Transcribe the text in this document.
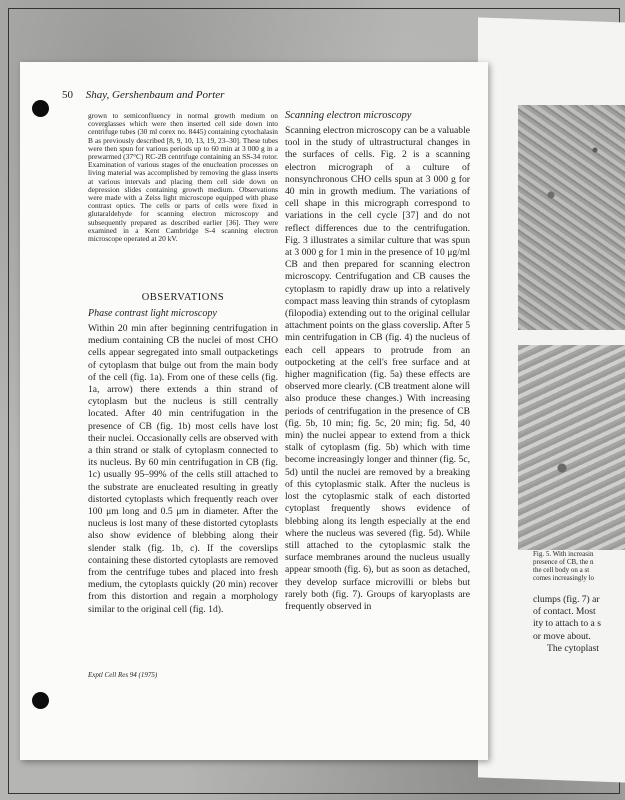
Fig. 5. With increasin
presence of CB, the n
the cell body on a st
comes increasingly lo
clumps (fig. 7) ar
of contact. Most
ity to attach to a s
or move about.
The cytoplast
50 Shay, Gershenbaum and Porter
grown to semiconfluency in normal growth medium on coverglasses which were then inserted cell side down into centrifuge tubes (30 ml corex no. 8445) containing cytochalasin B as previously described [8, 9, 10, 13, 19, 23–30]. These tubes were then spun for various periods up to 60 min at 3 000 g in a prewarmed (37°C) RC-2B centrifuge containing an SS-34 rotor. Examination of various stages of the enucleation processes on living material was accomplished by removing the glass inserts at various intervals and placing them cell side down on depression slides containing growth medium. Observations were made with a Zeiss light microscope equipped with phase contrast optics. The cells or parts of cells were fixed in glutaraldehyde for scanning electron microscopy and subsequently prepared as described earlier [36]. They were examined in a Kent Cambridge S-4 scanning electron microscope operated at 20 kV.
OBSERVATIONS
Phase contrast light microscopy
Within 20 min after beginning centrifugation in medium containing CB the nuclei of most CHO cells appear segregated into small outpacketings of cytoplasm that bulge out from the main body of the cell (fig. 1a). From one of these cells (fig. 1a, arrow) there extends a thin strand of cytoplasm but the nucleus is still centrally located. After 40 min centrifugation in the presence of CB (fig. 1b) most cells have lost their nuclei. Occasionally cells are observed with a thin strand or stalk of cytoplasm connected to its nucleus. By 60 min centrifugation in CB (fig. 1c) usually 95–99% of the cells still attached to the substrate are enucleated resulting in greatly distorted cytoplasts which frequently reach over 100 μm long and 0.5 μm in diameter. After the nucleus is lost many of these distorted cytoplasts also show evidence of blebbing along their slender stalk (fig. 1b, c). If the coverslips containing these distorted cytoplasts are removed from the centrifuge tubes and placed into fresh medium, the cytoplasts quickly (20 min) recover from this distortion and regain a morphology similar to the original cell (fig. 1d).
Scanning electron microscopy
Scanning electron microscopy can be a valuable tool in the study of ultrastructural changes in the surfaces of cells. Fig. 2 is a scanning electron micrograph of a culture of nonsynchronous CHO cells spun at 3 000 g for 40 min in growth medium. The variations of cell shape in this micrograph correspond to variations in the cell cycle [37] and do not reflect differences due to the centrifugation. Fig. 3 illustrates a similar culture that was spun at 3 000 g for 1 min in the presence of 10 μg/ml CB and then prepared for scanning electron microscopy. Centrifugation and CB causes the cytoplasm to rapidly draw up into a relatively compact mass leaving thin strands of cytoplasm (filopodia) extending out to the original cellular attachment points on the glass coverslip. After 5 min centrifugation in CB (fig. 4) the nucleus of each cell appears to protrude from an outpocketing at the cell's free surface and at higher magnification (fig. 5a) these effects are observed more clearly. (CB treatment alone will also produce these changes.) With increasing periods of centrifugation in the presence of CB (fig. 5b, 10 min; fig. 5c, 20 min; fig. 5d, 40 min) the nuclei appear to extend from a thick stalk of cytoplasm (fig. 5b) which with time become increasingly longer and thinner (fig. 5c, 5d) until the nuclei are removed by a breaking of this cytoplasmic stalk. After the nucleus is lost the cytoplasmic stalk of each distorted cytoplast frequently shows evidence of blebbing along its length especially at the end where the nucleus was severed (fig. 5d). While still attached to the cytoplasmic stalk the surface membranes around the nucleus usually appear smooth (fig. 6), but as soon as detached, they develop surface microvilli or blebs but rarely both (fig. 7). Groups of karyoplasts are frequently observed in
Exptl Cell Res 94 (1975)
